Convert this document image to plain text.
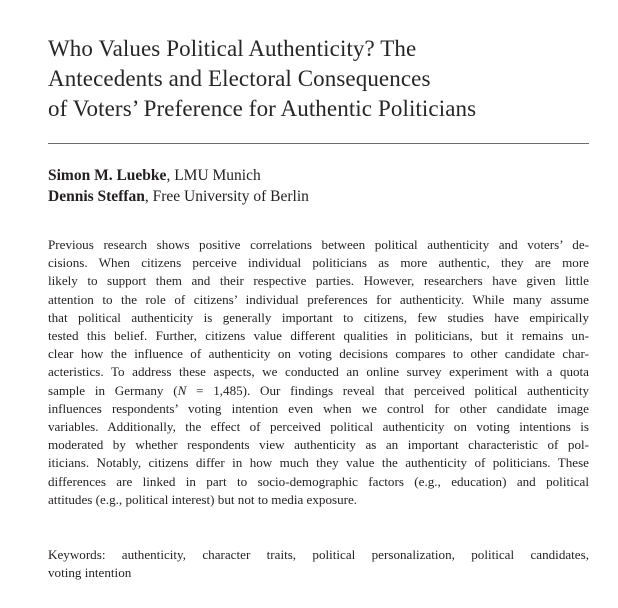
Who Values Political Authenticity? The
Antecedents and Electoral Consequences
of Voters’ Preference for Authentic Politicians
Simon M. Luebke, LMU Munich
Dennis Steffan, Free University of Berlin

Previous research shows positive correlations between political authenticity and voters’ de-
cisions. When citizens perceive individual politicians as more authentic, they are more
likely to support them and their respective parties. However, researchers have given little
attention to the role of citizens’ individual preferences for authenticity. While many assume
that political authenticity is generally important to citizens, few studies have empirically
tested this belief. Further, citizens value different qualities in politicians, but it remains un-
clear how the influence of authenticity on voting decisions compares to other candidate char-
acteristics. To address these aspects, we conducted an online survey experiment with a quota
sample in Germany (N = 1,485). Our findings reveal that perceived political authenticity
influences respondents’ voting intention even when we control for other candidate image
variables. Additionally, the effect of perceived political authenticity on voting intentions is
moderated by whether respondents view authenticity as an important characteristic of pol-
iticians. Notably, citizens differ in how much they value the authenticity of politicians. These
differences are linked in part to socio-demographic factors (e.g., education) and political
attitudes (e.g., political interest) but not to media exposure.

Keywords: authenticity, character traits, political personalization, political candidates,
voting intention
